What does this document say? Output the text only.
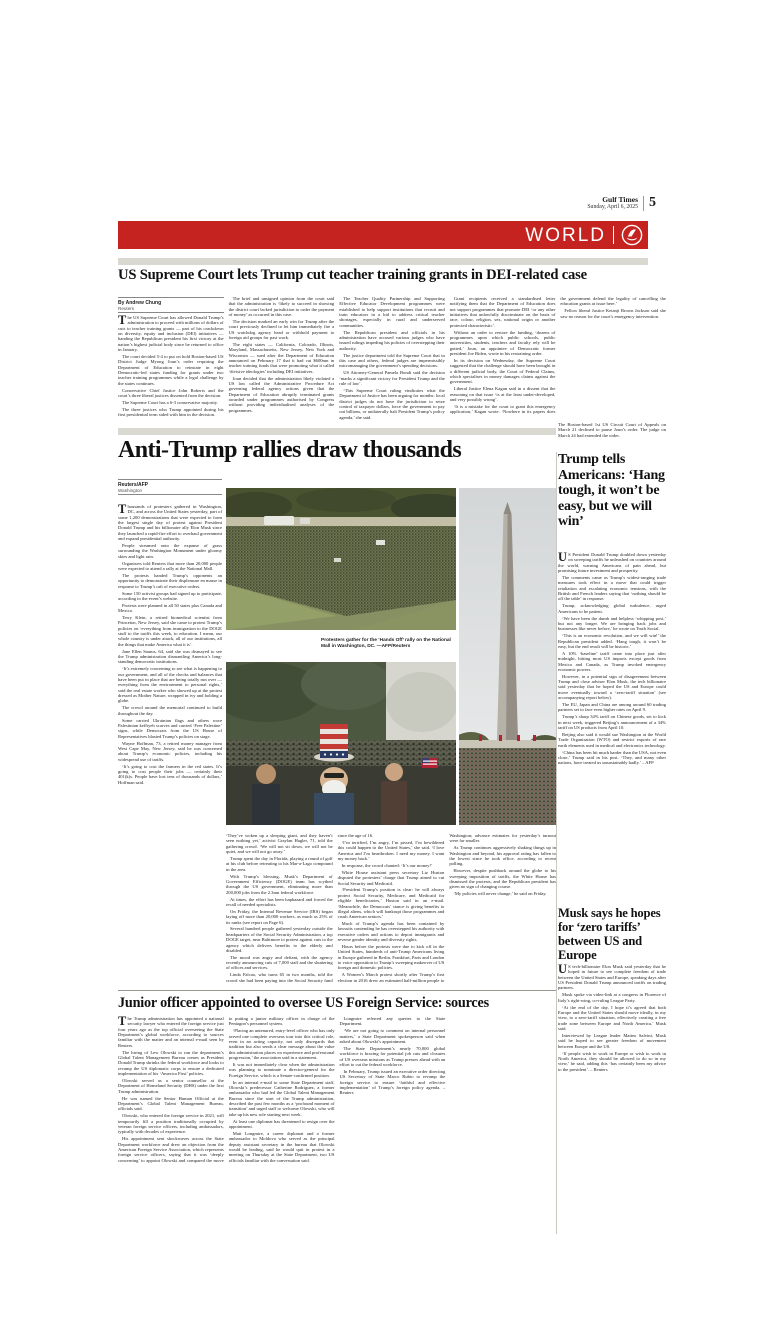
Gulf Times
Sunday, April 6, 2025 5
WORLD
US Supreme Court lets Trump cut teacher training grants in DEI-related case
By Andrew Chung
Reuters

The US Supreme Court has allowed Donald Trump’s administration to proceed with millions of dollars of cuts to teacher training grants — part of his crackdown on diversity, equity and inclusion (DEI) initiatives — handing the Republican president his first victory at the nation’s highest judicial body since he returned to office in January.

The court decided 5-4 to put on hold Boston-based US District Judge Myong Joun’s order requiring the Department of Education to reinstate in eight Democratic-led states funding for grants under two teacher training programmes while a legal challenge by the states continues.

Conservative Chief Justice John Roberts and the court’s three liberal justices dissented from the decision.

The Supreme Court has a 6-3 conservative majority.

The three justices who Trump appointed during his first presidential term sided with him in the decision.

The brief and unsigned opinion from the court said that the administration is ‘likely to succeed in showing the district court lacked jurisdiction to order the payment of money’ as occurred in this case.

The decision marked an early win for Trump after the court previously declined to let him immediately fire a US watchdog agency head or withhold payment to foreign aid groups for past work.

The eight states — California, Colorado, Illinois, Maryland, Massachusetts, New Jersey, New York and Wisconsin — sued after the Department of Education announced on February 17 that it had cut $600mn in teacher training funds that were promoting what it called ‘divisive ideologies’ including DEI initiatives.

Joun decided that the administration likely violated a US law called the Administrative Procedure Act governing federal agency actions given that the Department of Education abruptly terminated grants awarded under programmes authorised by Congress without providing individualised analyses of the programmes.

The Teacher Quality Partnership and Supporting Effective Educator Development programmes were established to help support institutions that recruit and train educators in a bid to address critical teacher shortages, especially in rural and underserved communities.

The Republican president and officials in his administration have accused various judges who have issued rulings impeding his policies of overstepping their authority.

The justice department told the Supreme Court that in this case and others, federal judges are impermissibly micromanaging the government’s spending decisions.

US Attorney-General Pamela Bondi said the decision ‘marks a significant victory for President Trump and the rule of law’.

‘This Supreme Court ruling vindicates what the Department of Justice has been arguing for months: local district judges do not have the jurisdiction to seize control of taxpayer dollars, force the government to pay out billions, or unilaterally halt President Trump’s policy agenda,’ she said.

Grant recipients received a standardised letter notifying them that the Department of Education does not support programmes that promote DEI ‘or any other initiatives that unlawfully discriminate on the basis of race, colour, religion, sex, national origin or another protected characteristic’.

Without an order to restore the funding, ‘dozens of programmes upon which public schools, public universities, students, teachers and faculty rely will be gutted,’ Joun, an appointee of Democratic former president Joe Biden, wrote in his restraining order.

In its decision on Wednesday, the Supreme Court suggested that the challenge should have been brought in a different judicial body, the Court of Federal Claims, which specialises in money damages claims against the government.

Liberal Justice Elena Kagan said in a dissent that the reasoning on that issue ‘is at the least under-developed, and very possibly wrong’.

‘It is a mistake for the court to grant this emergency application,’ Kagan wrote. ‘Nowhere in its papers does the government defend the legality of cancelling the education grants at issue here.’

Fellow liberal Justice Ketanji Brown Jackson said she saw no reason for the court’s emergency intervention.

The Boston-based 1st US Circuit Court of Appeals on March 21 declined to pause Joun’s order. The judge on March 24 had extended the order.

Anti-Trump rallies draw thousands
Reuters/AFP
Washington

Thousands of protesters gathered in Washington, DC, and across the United States yesterday, part of some 1,200 demonstrations that were expected to form the largest single day of protest against President Donald Trump and his billionaire ally Elon Musk since they launched a rapid-fire effort to overhaul government and expand presidential authority.

People streamed onto the expanse of grass surrounding the Washington Monument under gloomy skies and light rain.

Organisers told Reuters that more than 20,000 people were expected to attend a rally at the National Mall.

The protests handed Trump’s opponents an opportunity to demonstrate their displeasure en masse in response to Trump’s raft of executive orders.

Some 150 activist groups had signed up to participate, according to the event’s website.

Protests were planned in all 50 states plus Canada and Mexico.

Terry Klein, a retired biomedical scientist from Princeton, New Jersey, said she came to protest Trump’s policies on ‘everything from immigration to the DOGE stuff to the tariffs this week, to education. I mean, our whole country is under attack, all of our institutions, all the things that make America what it is’.

Jane Ellen Saums, 64, said she was dismayed to see the Trump administration dismantling America’s long-standing democratic institutions.

‘It’s extremely concerning to see what is happening to our government, and all of the checks and balances that have been put in place that are being totally run over — everything from the environment to personal rights,’ said the real estate worker who showed up at the protest dressed as Mother Nature, wrapped in ivy and holding a globe.

The crowd around the memorial continued to build throughout the day.

Some carried Ukrainian flags and others wore Palestinian keffiyeh scarves and carried ‘Free Palestine’ signs, while Democrats from the US House of Representatives blasted Trump’s policies on stage.

Wayne Hoffman, 73, a retired money manager from West Cape May, New Jersey, said he was concerned about Trump’s economic policies, including his widespread use of tariffs.

‘It’s going to cost the farmers in the red states. It’s going to cost people their jobs — certainly their 401(k)s. People have lost tens of thousands of dollars,’ Hoffman said.

Protesters gather for the ‘Hands Off’ rally on the National Mall in Washington, DC. —AFP/Reuters

‘They’ve woken up a sleeping giant, and they haven’t seen nothing yet,’ activist Graylan Hagler, 71, told the gathering crowd. ‘We will not sit down, we will not be quiet, and we will not go away.’

Trump spent the day in Florida, playing a round of golf at his club before retreating to his Mar-a-Lago compound in the area.

With Trump’s blessing, Musk’s Department of Government Efficiency (DOGE) team has scythed through the US government, eliminating more than 200,000 jobs from the 2.3mn federal workforce.

At times, the effort has been haphazard and forced the recall of needed specialists.

On Friday, the Internal Revenue Service (IRS) began laying off more than 20,000 workers, as much as 25% of its ranks (see report on Page 6).

Several hundred people gathered yesterday outside the headquarters of the Social Security Administration, a top DOGE target, near Baltimore to protest against cuts to the agency which delivers benefits to the elderly and disabled.

The mood was angry and defiant, with the agency recently announcing cuts of 7,000 staff and the shuttering of offices and services.

Linda Falcao, who turns 65 in two months, told the crowd she had been paying into the Social Security fund since the age of 16.

‘I’m terrified, I’m angry, I’m pissed, I’m bewildered this could happen to the United States,’ she said. ‘I love America and I’m heartbroken. I need my money. I want my money back.’

In response, the crowd chanted: ‘It’s our money!’

White House assistant press secretary Liz Huston disputed the protesters’ charge that Trump aimed to cut Social Security and Medicaid.

‘President Trump’s position is clear: he will always protect Social Security, Medicare, and Medicaid for eligible beneficiaries,’ Huston said in an e-mail. ‘Meanwhile, the Democrats’ stance is giving benefits to illegal aliens, which will bankrupt those programmes and crush American seniors.’

Much of Trump’s agenda has been contained by lawsuits contending he has overstepped his authority with executive orders and actions to deport immigrants and reverse gender identity and diversity rights.

Hours before the protests were due to kick off in the United States, hundreds of anti-Trump Americans living in Europe gathered in Berlin, Frankfurt, Paris and London to voice opposition to Trump’s sweeping makeover of US foreign and domestic policies.

A Women’s March protest shortly after Trump’s first election in 2016 drew an estimated half-million people to Washington; advance estimates for yesterday’s turnout were far smaller.

As Trump continues aggressively shaking things up in Washington and beyond, his approval rating has fallen to the lowest since he took office, according to recent polling.

However, despite pushback around the globe to his sweeping imposition of tariffs, the White House has dismissed the protests, and the Republican president has given no sign of changing course.

‘My policies will never change,’ he said on Friday.

Trump tells Americans: ‘Hang tough, it won’t be easy, but we will win’

US President Donald Trump doubled down yesterday on sweeping tariffs he unleashed on countries around the world, warning Americans of pain ahead, but promising future investment and prosperity.

The comments came as Trump’s widest-ranging trade measures took effect in a move that could trigger retaliation and escalating economic tensions, with the British and French leaders saying that ‘nothing should be off the table’ in response.

Trump, acknowledging global turbulence, urged Americans to be patient.

‘We have been the dumb and helpless ‘whipping post,’ but not any longer. We are bringing back jobs and businesses like never before,’ he wrote on Truth Social.

‘This is an economic revolution, and we will win!’ the Republican president added. ‘Hang tough, it won’t be easy, but the end result will be historic.’

A 10% ‘baseline’ tariff came into place just after midnight, hitting most US imports except goods from Mexico and Canada, as Trump invoked emergency economic powers.

However, in a potential sign of disagreement between Trump and close adviser Elon Musk, the tech billionaire said yesterday that he hoped the US and Europe could move eventually toward a ‘zero-tariff situation’ (see accompanying report below).

The EU, Japan and China are among around 60 trading partners set to face even higher rates on April 9.

Trump’s sharp 34% tariff on Chinese goods, set to kick in next week, triggered Beijing’s announcement of a 34% tariff on US products from April 10.

Beijing also said it would sue Washington at the World Trade Organisation (WTO) and restrict exports of rare earth elements used in medical and electronics technology.

‘China has been hit much harder than the USA, not even close,’ Trump said in his post. ‘They, and many other nations, have treated us unsustainably badly.’ – AFP

Musk says he hopes for ‘zero tariffs’ between US and Europe

US tech-billionaire Elon Musk said yesterday that he hoped in future to see complete freedom of trade between the United States and Europe, speaking days after US President Donald Trump announced tariffs on trading partners.

Musk spoke via video-link at a congress in Florence of Italy’s right-wing, co-ruling League Party.

‘At the end of the day, I hope it’s agreed that both Europe and the United States should move ideally, in my view, to a zero-tariff situation, effectively creating a free trade zone between Europe and North America,’ Musk said.

Interviewed by League leader Matteo Salvini, Musk said he hoped to see greater freedom of movement between Europe and the US.

‘If people wish to work in Europe or wish to work in North America, they should be allowed to do so in my view,’ he said, adding this ‘has certainly been my advice to the president’. – Reuters

Junior officer appointed to oversee US Foreign Service: sources

The Trump administration has appointed a national security lawyer who entered the foreign service just four years ago as the top official overseeing the State Department’s global workforce, according to sources familiar with the matter and an internal e-mail seen by Reuters.

The hiring of Lew Olowski to run the department’s Global Talent Management Bureau comes as President Donald Trump shrinks the federal workforce and looks to revamp the US diplomatic corps to ensure a dedicated implementation of his ‘America First’ policies.

Olowski served as a senior counsellor at the Department of Homeland Security (DHS) under the first Trump administration.

He was named the Senior Human Official at the Department’s Global Talent Management Bureau, officials said.

Olowski, who entered the foreign service in 2021, will temporarily fill a position traditionally occupied by veteran foreign service officers, including ambassadors, typically with decades of experience.

His appointment sent shockwaves across the State Department workforce and drew an objection from the American Foreign Service Association, which represents foreign service officers, saying that it was ‘deeply concerning’ to appoint Olowski and compared the move to putting a junior military officer in charge of the Pentagon’s personnel system.

‘Placing an untenured, entry-level officer who has only served one complete overseas tour into this critical role, even in an acting capacity, not only disregards that tradition but also sends a clear message about the value this administration places on experience and professional progression,’ the association said in a statement.

It was not immediately clear when the administration was planning to nominate a director-general for the Foreign Service, which is a Senate-confirmed position.

In an internal e-mail to some State Department staff, Olowski’s predecessor Catherine Rodriguez, a former ambassador who had led the Global Talent Management Bureau since the start of the Trump administration, described the past few months as a ‘profound moment of transition’ and urged staff to welcome Olowski, who will take up his new role starting next week.

At least one diplomat has threatened to resign over the appointment.

Matt Longmire, a career diplomat and a former ambassador to Moldova who served as the principal deputy assistant secretary in the bureau that Olowski would be leading, said he would quit in protest in a meeting on Thursday at the State Department, two US officials familiar with the conversation said.

Longmire referred any queries to the State Department.

‘We are not going to comment on internal personnel matters,’ a State Department spokesperson said when asked about Olowski’s appointment.

The State Department’s nearly 70,000 global workforce is bracing for potential job cuts and closures of US overseas missions as Trump presses ahead with an effort to cut the federal workforce.

In February, Trump issued an executive order directing US Secretary of State Marco Rubio to revamp the foreign service to ensure ‘faithful and effective implementation’ of Trump’s foreign policy agenda. – Reuters
